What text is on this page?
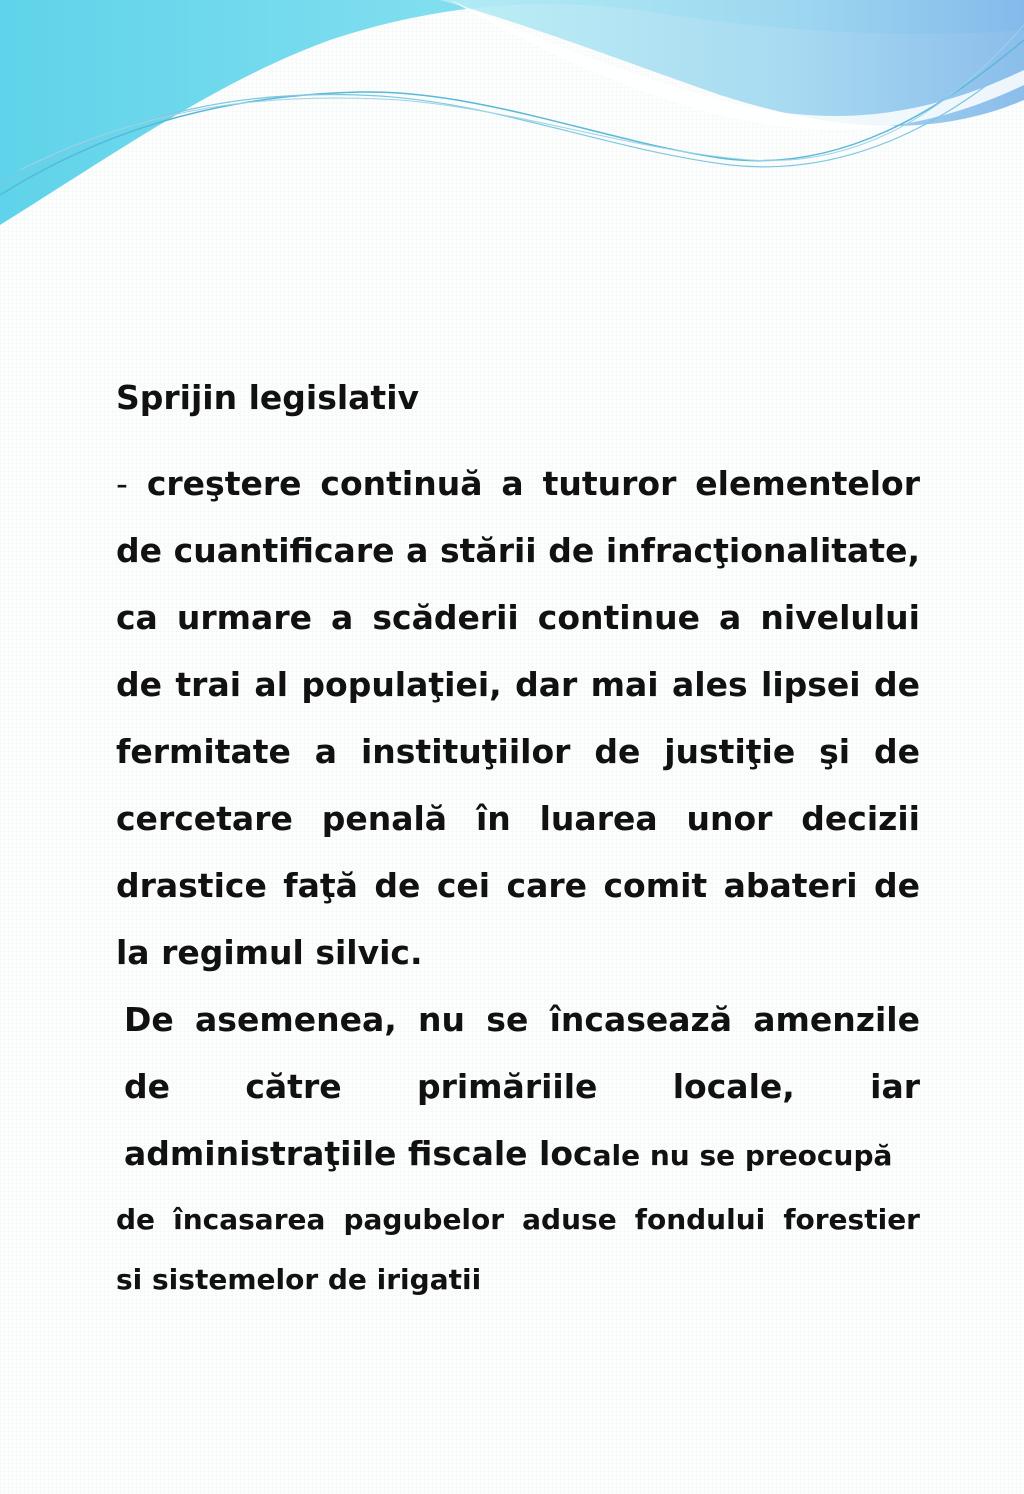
Sprijin legislativ

- creştere continuă a tuturor elementelor de cuantificare a stării de infracţionalitate, ca urmare a scăderii continue a nivelului de trai al populaţiei, dar mai ales lipsei de fermitate a instituţiilor de justiţie şi de cercetare penală în luarea unor decizii drastice faţă de cei care comit abateri de la regimul silvic.

De asemenea, nu se încasează amenzile de către primăriile locale, iar administraţiile fiscale locale nu se preocupă

de încasarea pagubelor aduse fondului forestier

si sistemelor de irigatii
